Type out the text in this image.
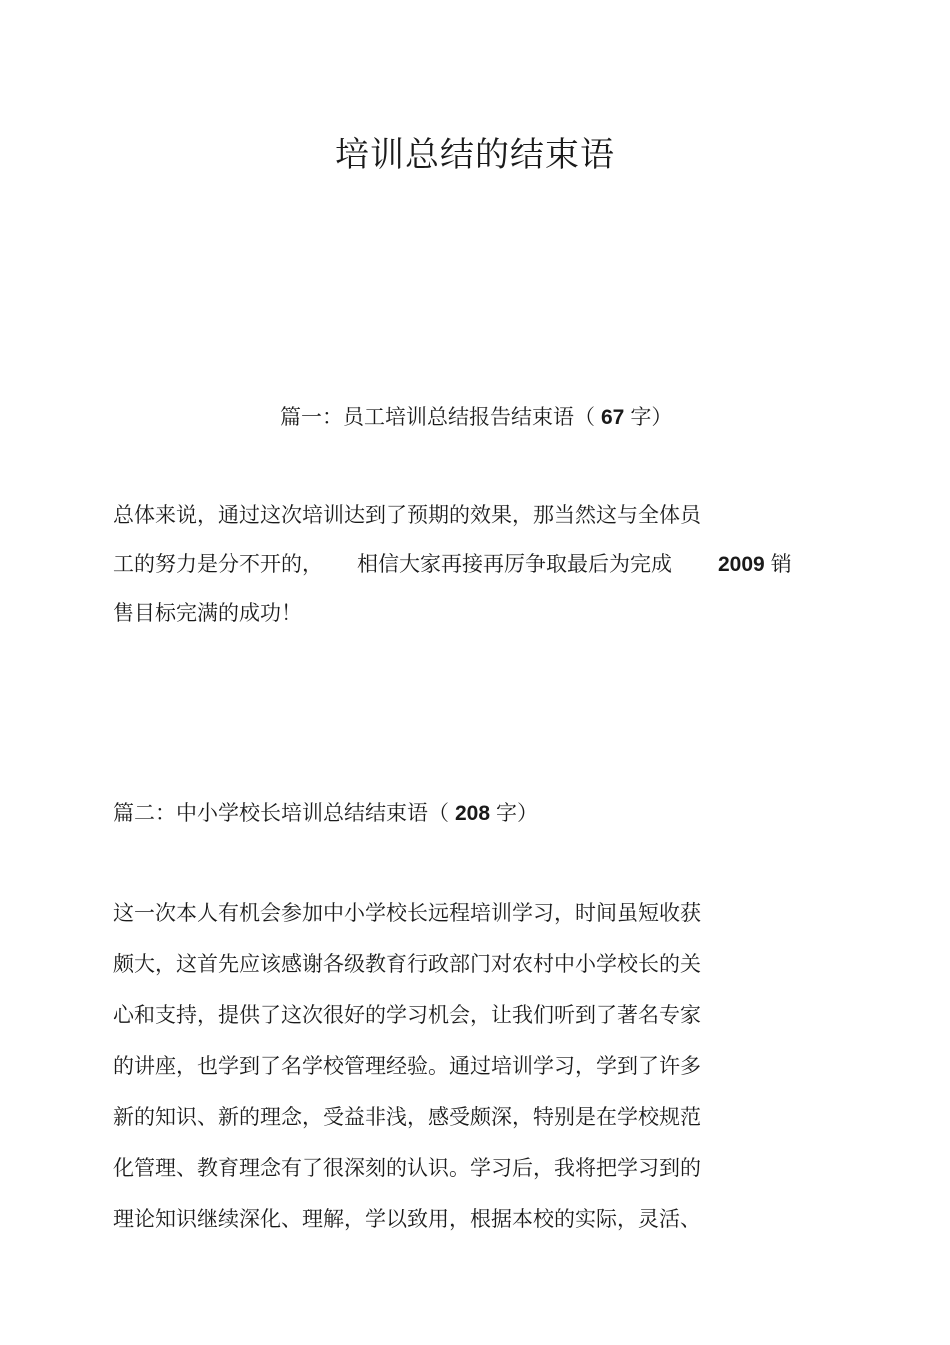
培训总结的结束语
篇一：员工培训总结报告结束语（ 67 字）
总体来说，通过这次培训达到了预期的效果，那当然这与全体员
工的努力是分不开的， 相信大家再接再厉争取最后为完成 2009 销
售目标完满的成功！
篇二：中小学校长培训总结结束语（ 208 字）
这一次本人有机会参加中小学校长远程培训学习，时间虽短收获
颇大，这首先应该感谢各级教育行政部门对农村中小学校长的关
心和支持，提供了这次很好的学习机会，让我们听到了著名专家
的讲座，也学到了名学校管理经验。通过培训学习，学到了许多
新的知识、新的理念，受益非浅，感受颇深，特别是在学校规范
化管理、教育理念有了很深刻的认识。学习后，我将把学习到的
理论知识继续深化、理解，学以致用，根据本校的实际，灵活、
